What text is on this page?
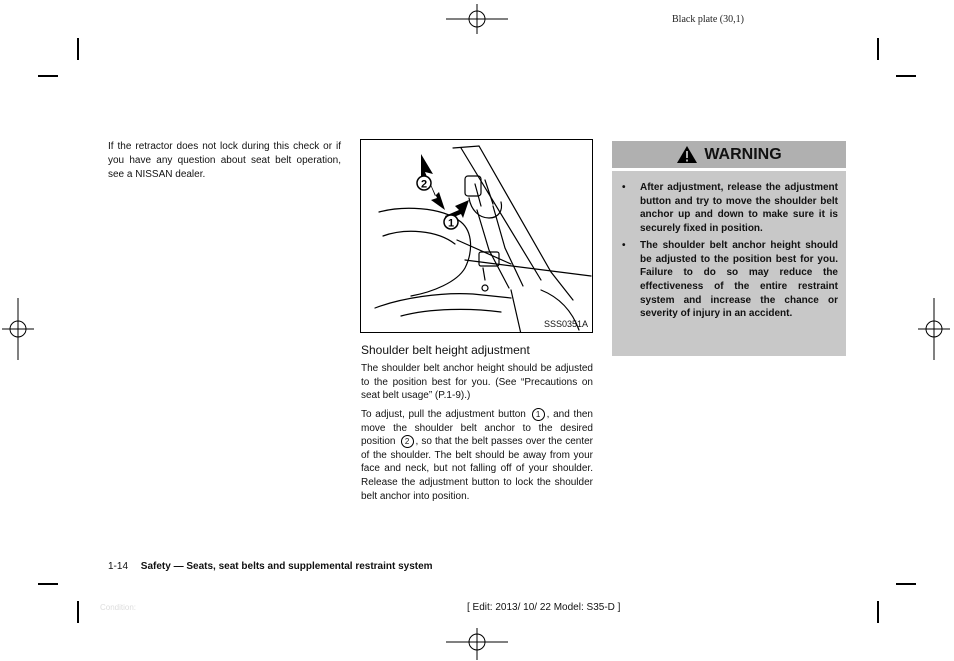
Black plate (30,1)
If the retractor does not lock during this check or if you have any question about seat belt operation, see a NISSAN dealer.
2
1
SSS0351A
Shoulder belt height adjustment

The shoulder belt anchor height should be adjusted to the position best for you. (See “Precautions on seat belt usage” (P.1-9).)

To adjust, pull the adjustment button 1 , and then move the shoulder belt anchor to the desired position 2 , so that the belt passes over the center of the shoulder. The belt should be away from your face and neck, but not falling off of your shoulder. Release the adjustment button to lock the shoulder belt anchor into position.

WARNING
• After adjustment, release the adjustment button and try to move the shoulder belt anchor up and down to make sure it is securely fixed in position.
• The shoulder belt anchor height should be adjusted to the position best for you. Failure to do so may reduce the effectiveness of the entire restraint system and increase the chance or severity of injury in an accident.
1-14 Safety — Seats, seat belts and supplemental restraint system
Condition:	[ Edit: 2013/ 10/ 22 Model: S35-D ]
